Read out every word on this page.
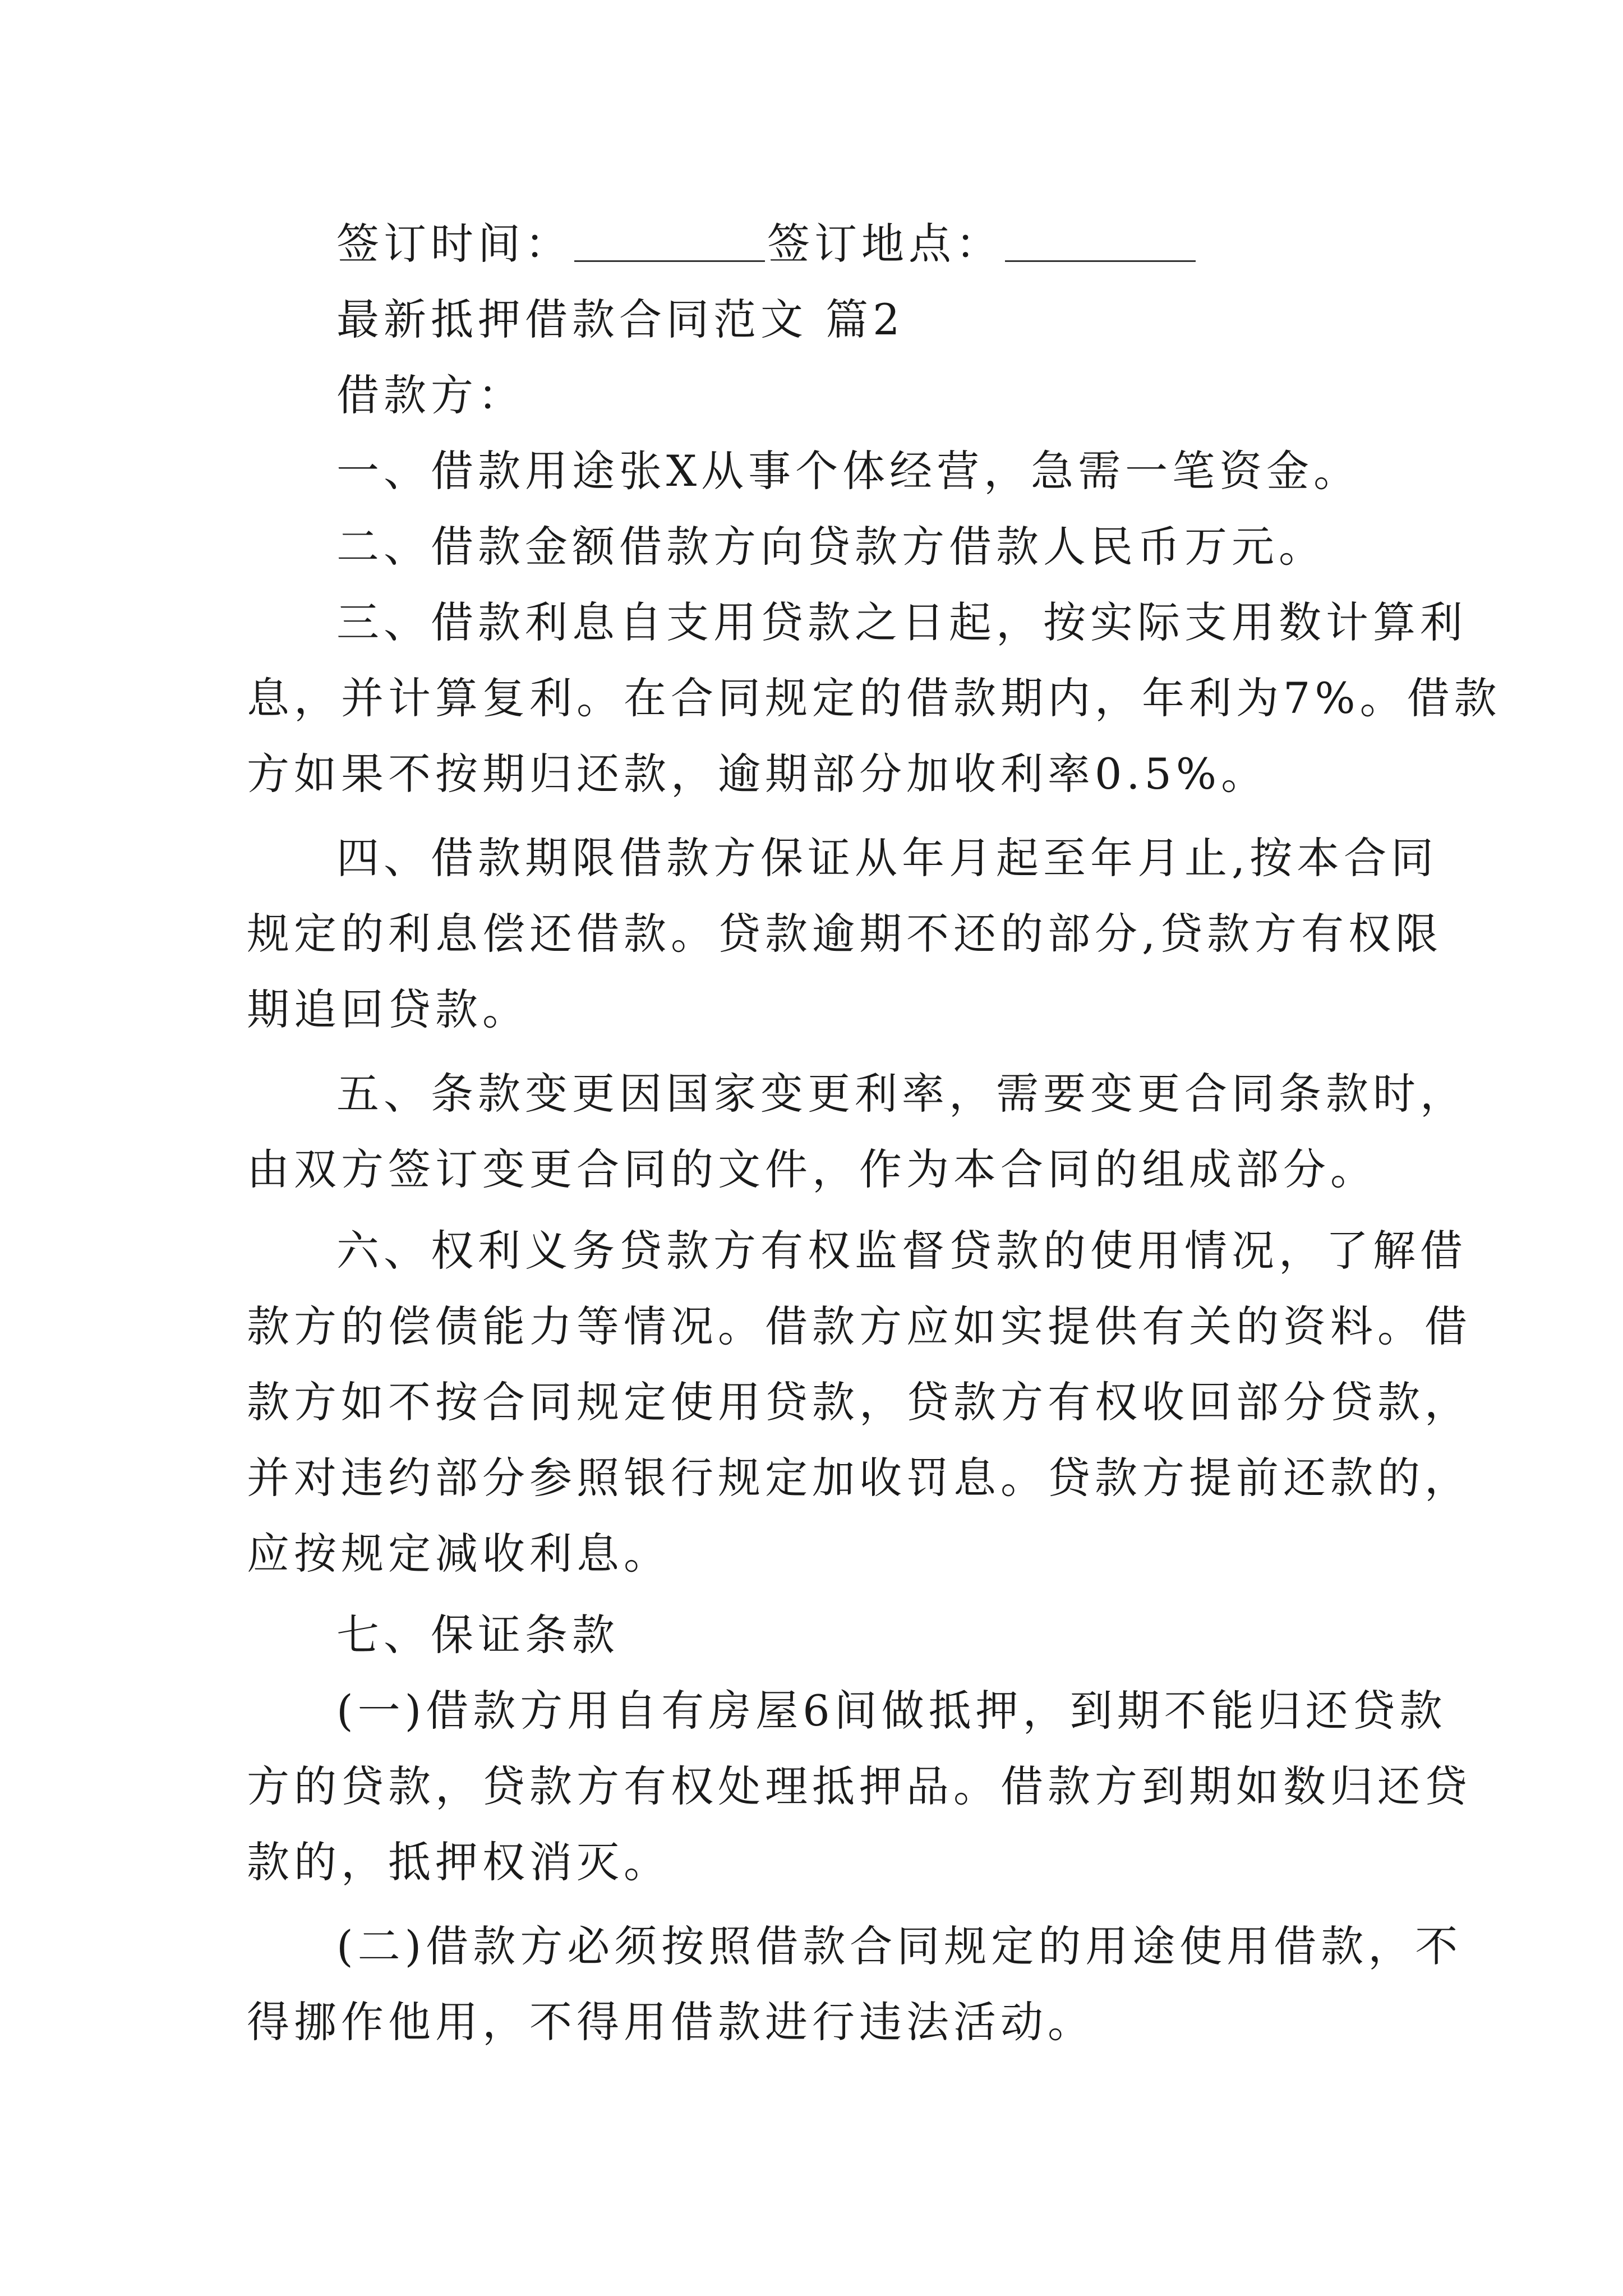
签订时间：	签订地点：
最新抵押借款合同范文 篇2
借款方：
一、借款用途张X从事个体经营，急需一笔资金。
二、借款金额借款方向贷款方借款人民币万元。
三、借款利息自支用贷款之日起，按实际支用数计算利
息，并计算复利。在合同规定的借款期内，年利为7%。借款
方如果不按期归还款，逾期部分加收利率0.5%。
四、借款期限借款方保证从年月起至年月止,按本合同
规定的利息偿还借款。贷款逾期不还的部分,贷款方有权限
期追回贷款。
五、条款变更因国家变更利率，需要变更合同条款时，
由双方签订变更合同的文件，作为本合同的组成部分。
六、权利义务贷款方有权监督贷款的使用情况，了解借
款方的偿债能力等情况。借款方应如实提供有关的资料。借
款方如不按合同规定使用贷款，贷款方有权收回部分贷款，
并对违约部分参照银行规定加收罚息。贷款方提前还款的，
应按规定减收利息。
七、保证条款
(一)借款方用自有房屋6间做抵押，到期不能归还贷款
方的贷款，贷款方有权处理抵押品。借款方到期如数归还贷
款的，抵押权消灭。
(二)借款方必须按照借款合同规定的用途使用借款，不
得挪作他用，不得用借款进行违法活动。
